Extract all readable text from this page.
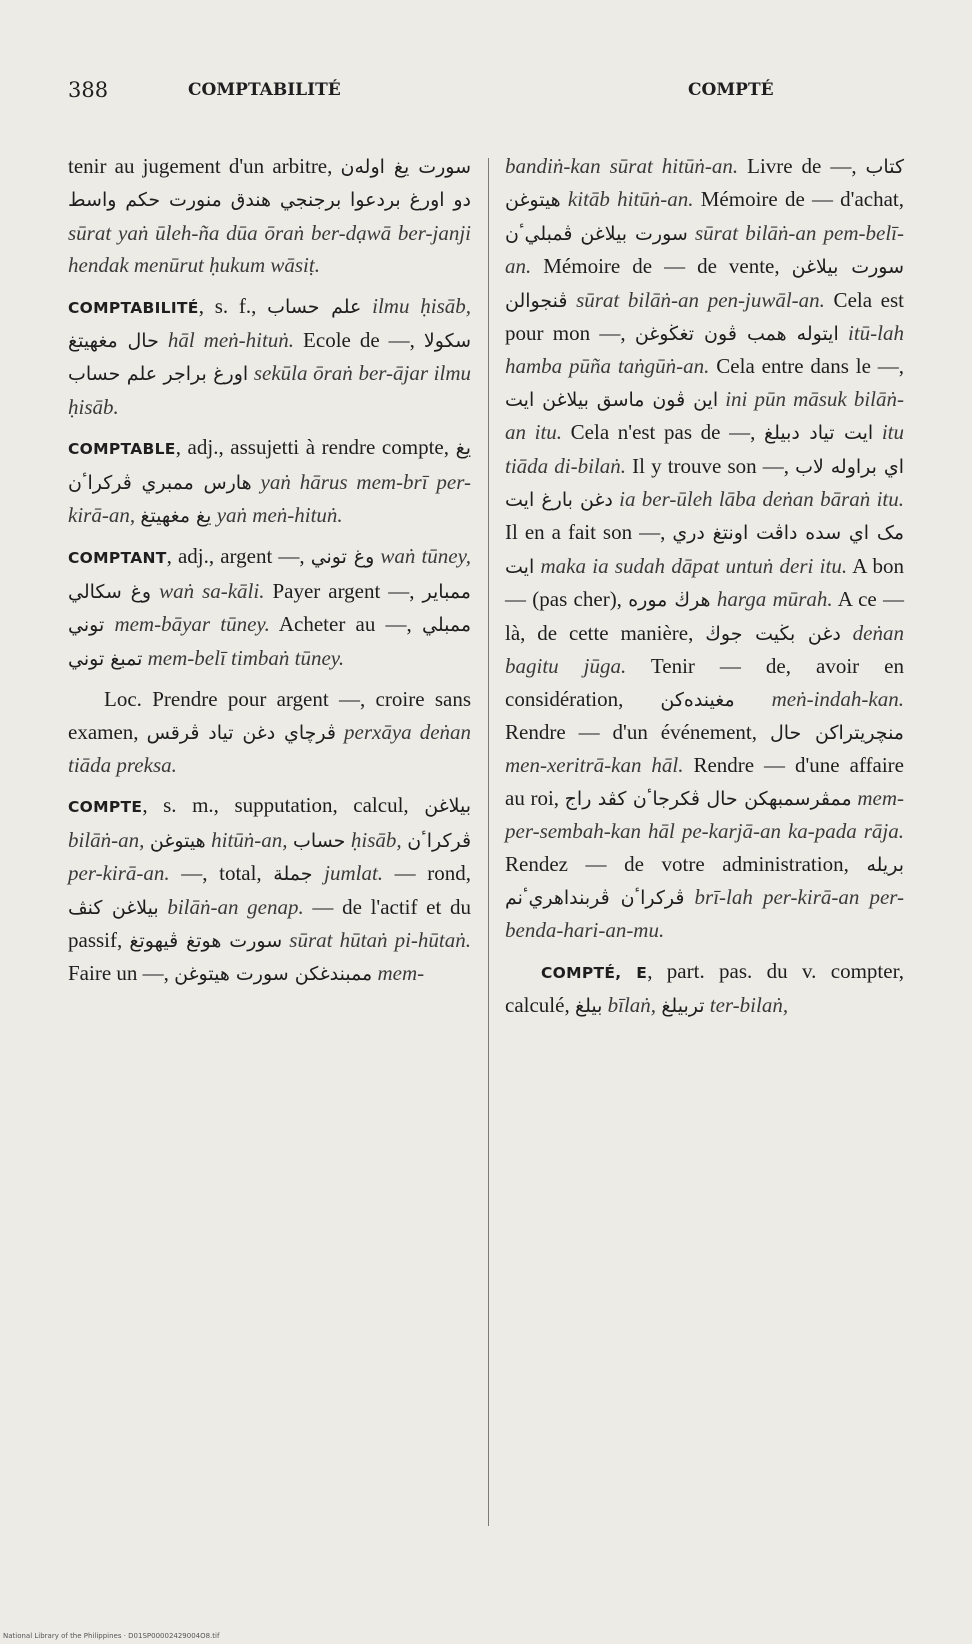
388	COMPTABILITÉ	COMPTÉ

tenir au jugement d'un arbitre, سورت يغ اوله‌ن دو اورغ بردعوا برجنجي هندق منورت حکم واسط sūrat yaṅ ūleh-ña dūa ōraṅ ber-dạwā ber-janji hendak menūrut ḥukum wāsiṭ.

COMPTABILITÉ, s. f., علم حساب ilmu ḥisāb, حال مغهيتغ hāl meṅ-hituṅ. Ecole de —, سکولا اورغ براجر علم حساب sekūla ōraṅ ber-ājar ilmu ḥisāb.

COMPTABLE, adj., assujetti à rendre compte, يغ هارس ممبري ڤرکراٴن yaṅ hārus mem-brī per-kirā-an, يغ مغهيتغ yaṅ meṅ-hituṅ.

COMPTANT, adj., argent —, وغ توني waṅ tūney, وغ سکالي waṅ sa-kāli. Payer argent —, ممباير توني mem-bāyar tūney. Acheter au —, ممبلي تمبغ توني mem-belī timbaṅ tūney.

Loc. Prendre pour argent —, croire sans examen, ڤرچاي دغن تياد ڤرقس perxāya deṅan tiāda preksa.

COMPTE, s. m., supputation, calcul, بيلاغن bilāṅ-an, هيتوغن hitūṅ-an, حساب ḥisāb, ڤرکراٴن per-kirā-an. —, total, جملة jumlat. — rond, بيلاغن کنڤ bilāṅ-an genap. — de l'actif et du passif, سورت هوتغ ڤيهوتغ sūrat hūtaṅ pi-hūtaṅ. Faire un —, ممبندغکن سورت هيتوغن mem-

bandiṅ-kan sūrat hitūṅ-an. Livre de —, کتاب هيتوغن kitāb hitūṅ-an. Mémoire de — d'achat, سورت بيلاغن ڤمبليٴن sūrat bilāṅ-an pem-belī-an. Mémoire de — de vente, سورت بيلاغن ڤنجوالن sūrat bilāṅ-an pen-juwāl-an. Cela est pour mon —, ايتوله همب ڤون تغڬوغن itū-lah hamba pūña taṅgūṅ-an. Cela entre dans le —, اين ڤون ماسق بيلاغن ايت ini pūn māsuk bilāṅ-an itu. Cela n'est pas de —, ايت تياد دبيلغ itu tiāda di-bilaṅ. Il y trouve son —, اي براوله لاب دغن بارغ ايت ia ber-ūleh lāba deṅan bāraṅ itu. Il en a fait son —, مک اي سده داڤت اونتغ دري ايت maka ia sudah dāpat untuṅ deri itu. A bon — (pas cher), هرڬ موره harga mūrah. A ce — là, de cette manière, دغن بڬيت جوڬ deṅan bagitu jūga. Tenir — de, avoir en considération, مغينده‌کن meṅ-indah-kan. Rendre — d'un événement, منچريتراکن حال men-xeritrā-kan hāl. Rendre — d'une affaire au roi, ممڤرسمبهکن حال ڤکرجاٴن کڤد راج mem-per-sembah-kan hāl pe-karjā-an ka-pada rāja. Rendez — de votre administration, بريله ڤرکراٴن ڤربنداهريٴنم brī-lah per-kirā-an per-benda-hari-an-mu.

COMPTÉ, E, part. pas. du v. compter, calculé, بيلغ bīlaṅ, تربيلغ ter-bilaṅ,

National Library of the Philippines · D01SP00002429004O8.tif
